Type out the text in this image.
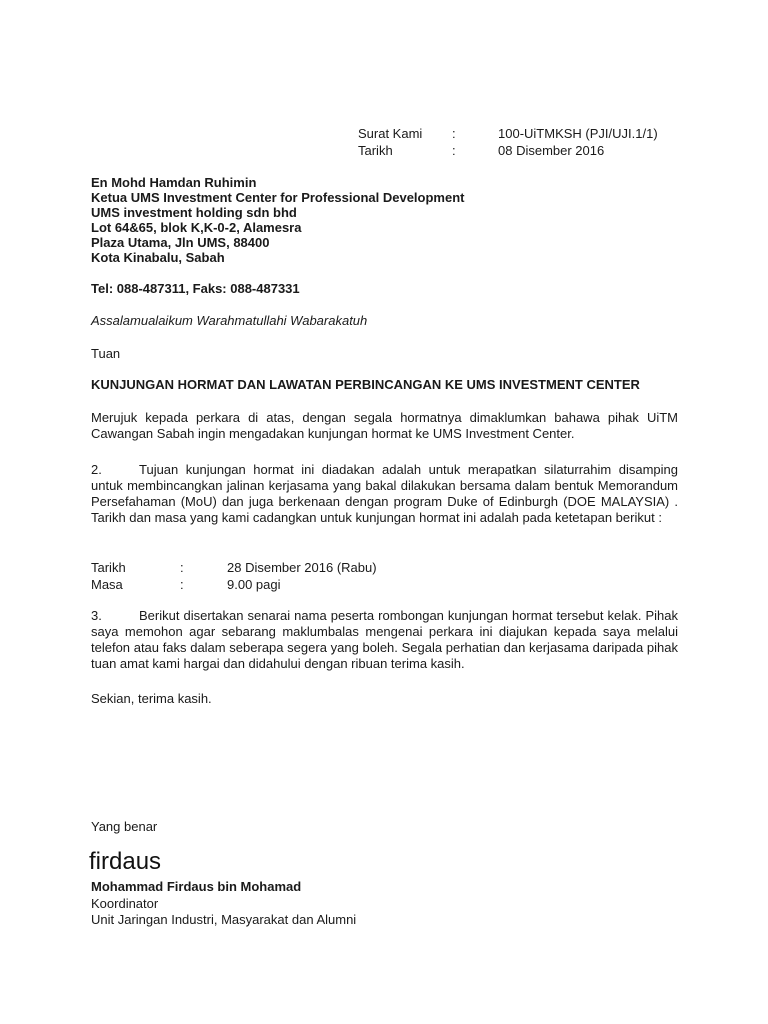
Surat Kami :	100-UiTMKSH (PJI/UJI.1/1)
Tarikh	:	08 Disember 2016
En Mohd Hamdan Ruhimin
Ketua UMS Investment Center for Professional Development
UMS investment holding sdn bhd
Lot 64&65, blok K,K-0-2, Alamesra
Plaza Utama, Jln UMS, 88400
Kota Kinabalu, Sabah
Tel: 088-487311, Faks: 088-487331
Assalamualaikum Warahmatullahi Wabarakatuh
Tuan
KUNJUNGAN HORMAT DAN LAWATAN PERBINCANGAN KE UMS INVESTMENT CENTER
Merujuk kepada perkara di atas, dengan segala hormatnya dimaklumkan bahawa pihak UiTM Cawangan Sabah ingin mengadakan kunjungan hormat ke UMS Investment Center.
2.	Tujuan kunjungan hormat ini diadakan adalah untuk merapatkan silaturrahim disamping untuk membincangkan jalinan kerjasama yang bakal dilakukan bersama dalam bentuk Memorandum Persefahaman (MoU) dan juga berkenaan dengan program Duke of Edinburgh (DOE MALAYSIA) . Tarikh dan masa yang kami cadangkan untuk kunjungan hormat ini adalah pada ketetapan berikut :
Tarikh	:	28 Disember 2016 (Rabu)
Masa	:	9.00 pagi
3.	Berikut disertakan senarai nama peserta rombongan kunjungan hormat tersebut kelak. Pihak saya memohon agar sebarang maklumbalas mengenai perkara ini diajukan kepada saya melalui telefon atau faks dalam seberapa segera yang boleh. Segala perhatian dan kerjasama daripada pihak tuan amat kami hargai dan didahului dengan ribuan terima kasih.
Sekian, terima kasih.
Yang benar
firdaus
Mohammad Firdaus bin Mohamad
Koordinator
Unit Jaringan Industri, Masyarakat dan Alumni
